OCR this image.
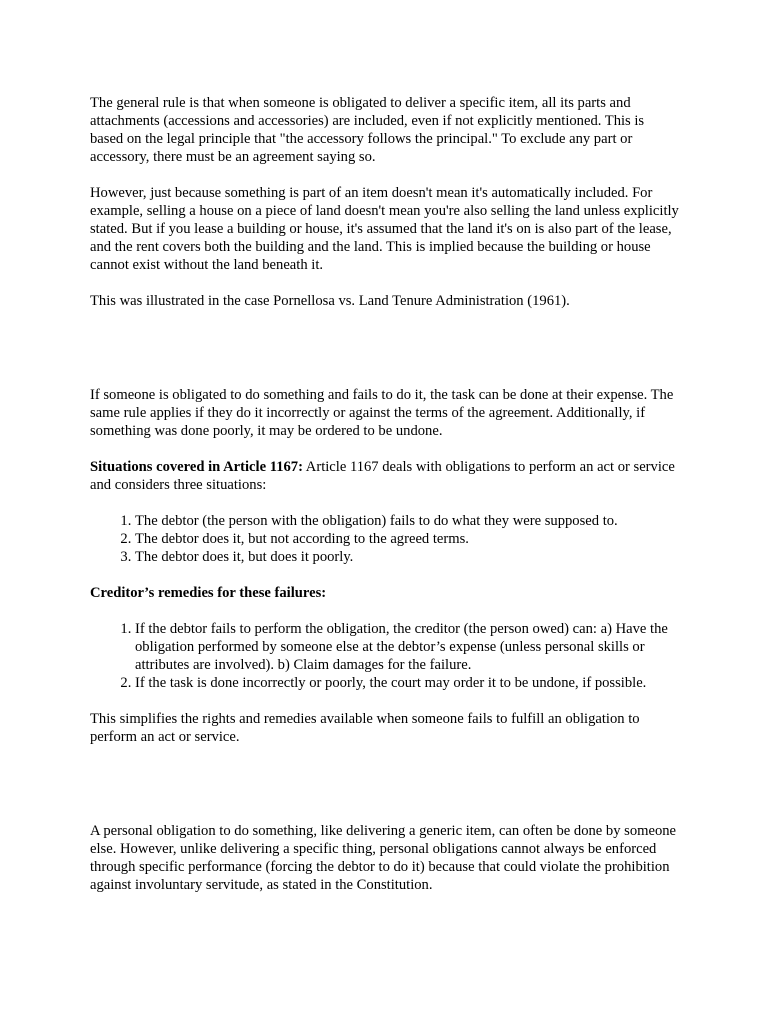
The general rule is that when someone is obligated to deliver a specific item, all its parts and attachments (accessions and accessories) are included, even if not explicitly mentioned. This is based on the legal principle that "the accessory follows the principal." To exclude any part or accessory, there must be an agreement saying so.

However, just because something is part of an item doesn't mean it's automatically included. For example, selling a house on a piece of land doesn't mean you're also selling the land unless explicitly stated. But if you lease a building or house, it's assumed that the land it's on is also part of the lease, and the rent covers both the building and the land. This is implied because the building or house cannot exist without the land beneath it.

This was illustrated in the case Pornellosa vs. Land Tenure Administration (1961).

If someone is obligated to do something and fails to do it, the task can be done at their expense. The same rule applies if they do it incorrectly or against the terms of the agreement. Additionally, if something was done poorly, it may be ordered to be undone.

Situations covered in Article 1167: Article 1167 deals with obligations to perform an act or service and considers three situations:

1. The debtor (the person with the obligation) fails to do what they were supposed to.
2. The debtor does it, but not according to the agreed terms.
3. The debtor does it, but does it poorly.

Creditor’s remedies for these failures:

1. If the debtor fails to perform the obligation, the creditor (the person owed) can: a) Have the obligation performed by someone else at the debtor’s expense (unless personal skills or attributes are involved). b) Claim damages for the failure.
2. If the task is done incorrectly or poorly, the court may order it to be undone, if possible.

This simplifies the rights and remedies available when someone fails to fulfill an obligation to perform an act or service.

A personal obligation to do something, like delivering a generic item, can often be done by someone else. However, unlike delivering a specific thing, personal obligations cannot always be enforced through specific performance (forcing the debtor to do it) because that could violate the prohibition against involuntary servitude, as stated in the Constitution.
